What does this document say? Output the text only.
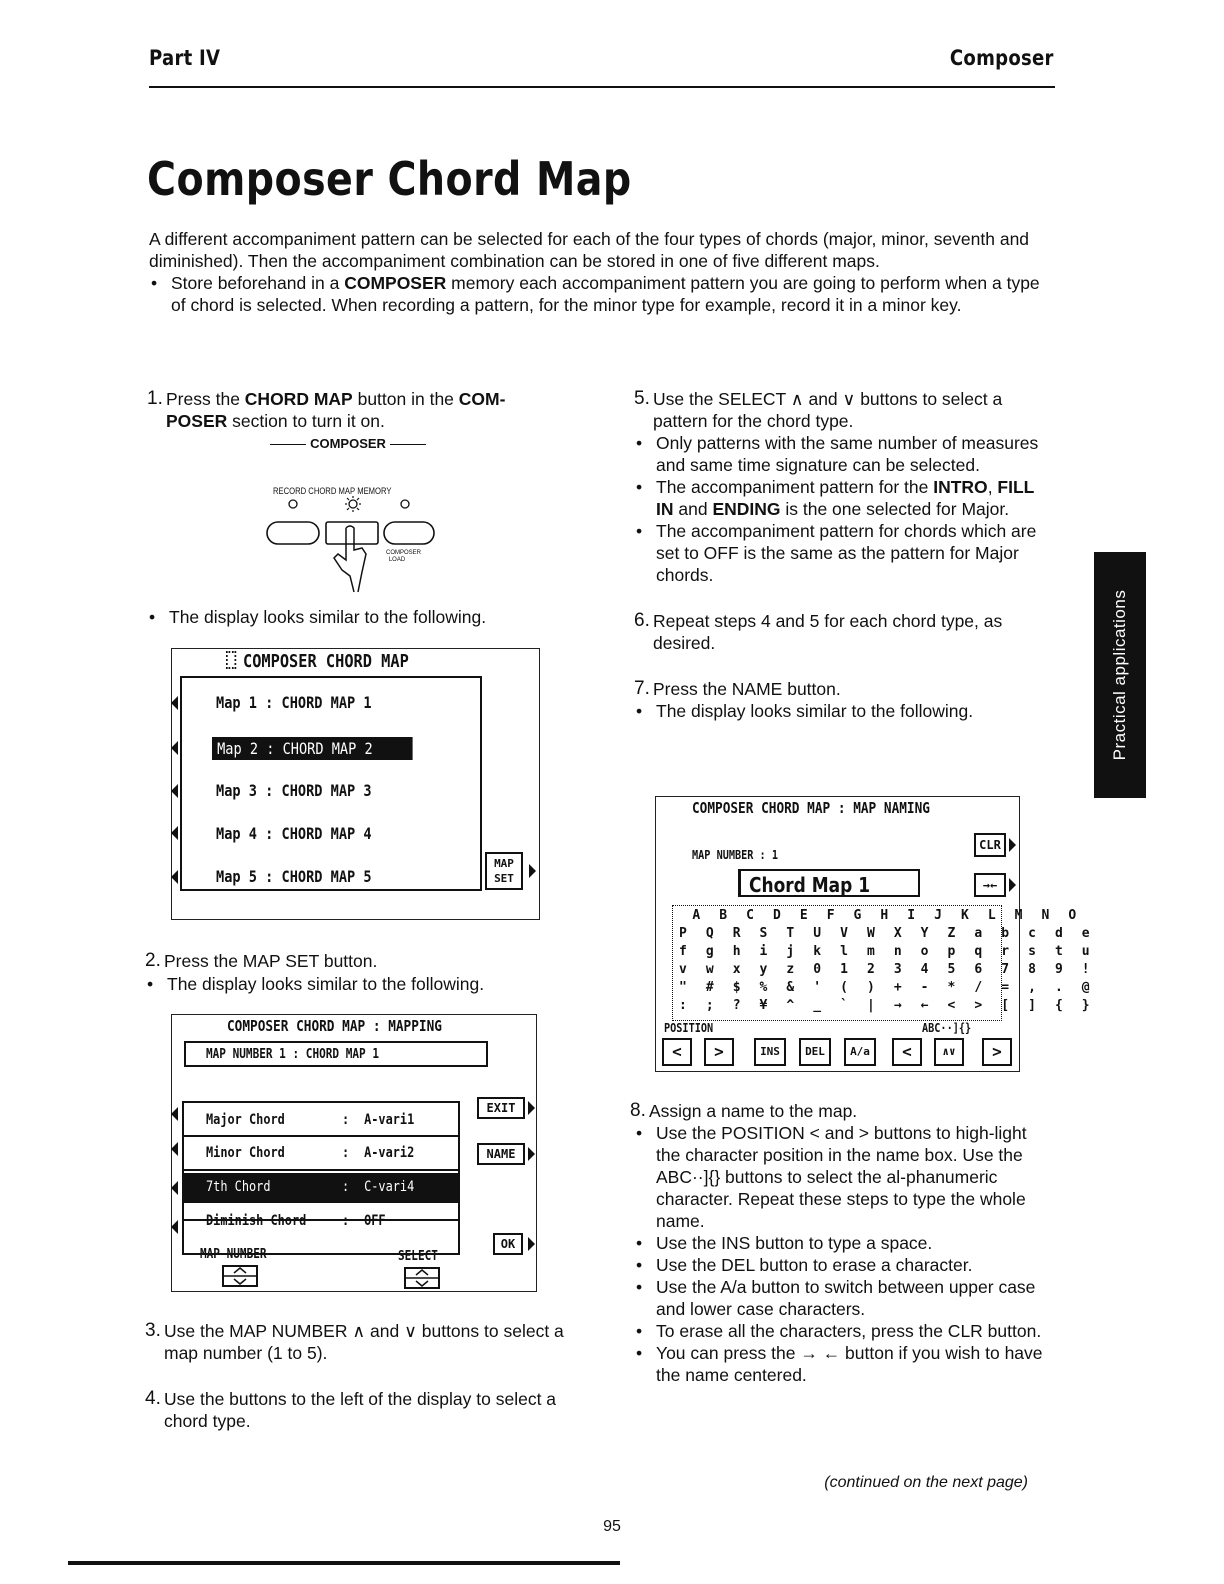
Part IV	Composer
Composer Chord Map

A different accompaniment pattern can be selected for each of the four types of chords (major, minor, seventh and diminished). Then the accompaniment combination can be stored in one of five different maps.

• Store beforehand in a COMPOSER memory each accompaniment pattern you are going to perform when a type of chord is selected. When recording a pattern, for the minor type for example, record it in a minor key.

1. Press the CHORD MAP button in the COM-POSER section to turn it on.
COMPOSER
RECORD CHORD MAP MEMORY
COMPOSER LOAD

• The display looks similar to the following.

COMPOSER CHORD MAP
Map 1 : CHORD MAP 1
Map 2 : CHORD MAP 2
Map 3 : CHORD MAP 3
Map 4 : CHORD MAP 4
Map 5 : CHORD MAP 5
MAP
SET
2. Press the MAP SET button.

• The display looks similar to the following.

COMPOSER CHORD MAP : MAPPING
MAP NUMBER 1 : CHORD MAP 1
Major Chord	: A-vari1
Minor Chord	: A-vari2
7th Chord	: C-vari4
Diminish Chord	: OFF
EXIT
NAME
OK
MAP NUMBER	SELECT
3. Use the MAP NUMBER ∧ and ∨ buttons to select a map number (1 to 5).
4. Use the buttons to the left of the display to select a chord type.
5. Use the SELECT ∧ and ∨ buttons to select a pattern for the chord type.

• Only patterns with the same number of measures and same time signature can be selected.

• The accompaniment pattern for the INTRO, FILL IN and ENDING is the one selected for Major.

• The accompaniment pattern for chords which are set to OFF is the same as the pattern for Major chords.

6. Repeat steps 4 and 5 for each chord type, as desired.
7. Press the NAME button.

• The display looks similar to the following.

COMPOSER CHORD MAP : MAP NAMING
MAP NUMBER : 1
CLR
Chord Map 1	→←
A B C D E F G H I J K L M N O
P Q R S T U V W X Y Z a b c d e
f g h i j k l m n o p q r s t u
v w x y z 0 1 2 3 4 5 6 7 8 9 !
" # $ % & ' ( ) + - * / = , . @
: ; ? ¥ ^ _ ` | → ← < > [ ] { }
POSITION	ABC··]{}
<	>	INS	DEL	A/a	<	∧∨	>
8. Assign a name to the map.

• Use the POSITION < and > buttons to high-light the character position in the name box. Use the ABC··]{} buttons to select the al-phanumeric character. Repeat these steps to type the whole name.

• Use the INS button to type a space.

• Use the DEL button to erase a character.

• Use the A/a button to switch between upper case and lower case characters.

• To erase all the characters, press the CLR button.

• You can press the → ← button if you wish to have the name centered.

Practical applications
(continued on the next page)
95
